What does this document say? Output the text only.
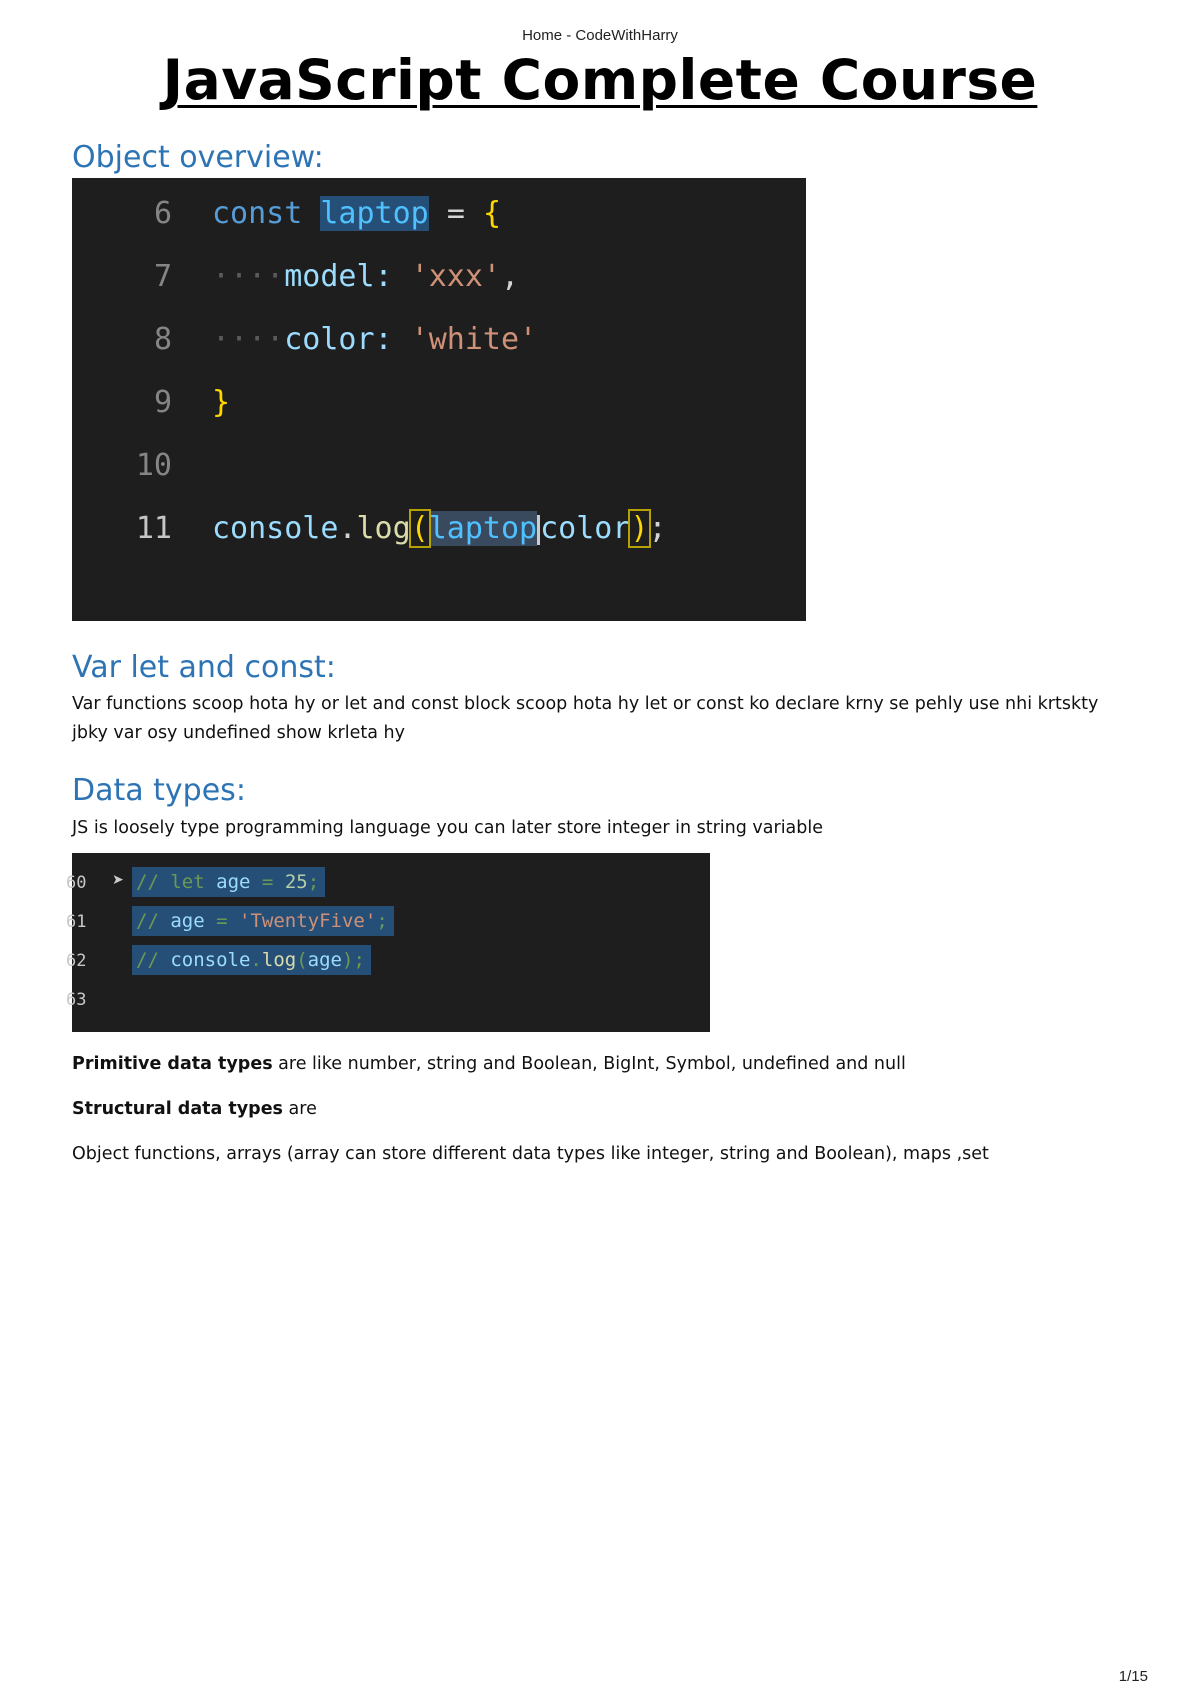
Home - CodeWithHarry
JavaScript Complete Course
Object overview:
6
7
8
9
10
11
const laptop = {
····model: 'xxx',
····color: 'white'
}
console.log(laptop color);
Var let and const:
Var functions scoop hota hy or let and const block scoop hota hy let or const ko declare krny se pehly use nhi krtskty jbky var osy undefined show krleta hy
Data types:
JS is loosely type programming language you can later store integer in string variable
➤
60
61
62
63
// let age = 25;
// age = 'TwentyFive';
// console.log(age);
Primitive data types are like number, string and Boolean, BigInt, Symbol, undefined and null
Structural data types are
Object functions, arrays (array can store different data types like integer, string and Boolean), maps ,set
1/15
